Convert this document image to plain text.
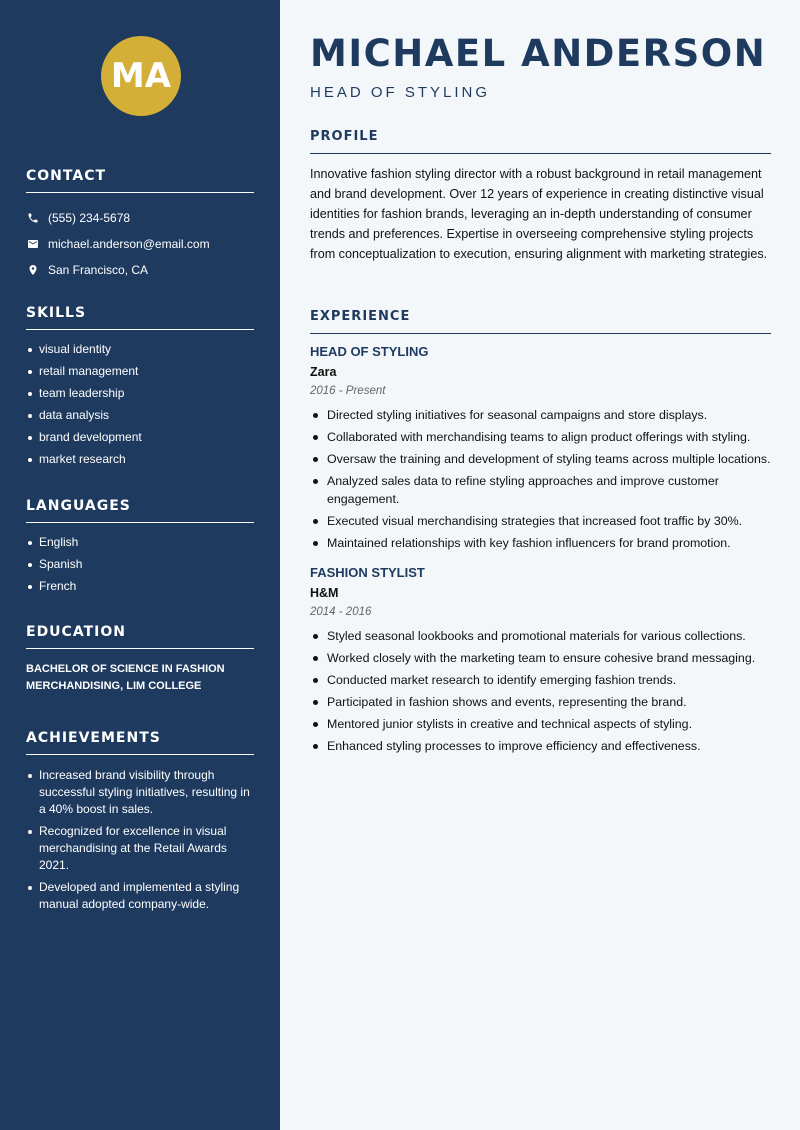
MA
CONTACT
(555) 234-5678
michael.anderson@email.com
San Francisco, CA
SKILLS
visual identity
retail management
team leadership
data analysis
brand development
market research
LANGUAGES
English
Spanish
French
EDUCATION
BACHELOR OF SCIENCE IN FASHION MERCHANDISING, LIM COLLEGE
ACHIEVEMENTS
Increased brand visibility through successful styling initiatives, resulting in a 40% boost in sales.
Recognized for excellence in visual merchandising at the Retail Awards 2021.
Developed and implemented a styling manual adopted company-wide.
MICHAEL ANDERSON
HEAD OF STYLING
PROFILE
Innovative fashion styling director with a robust background in retail management and brand development. Over 12 years of experience in creating distinctive visual identities for fashion brands, leveraging an in-depth understanding of consumer trends and preferences. Expertise in overseeing comprehensive styling projects from conceptualization to execution, ensuring alignment with marketing strategies.
EXPERIENCE
HEAD OF STYLING
Zara
2016 - Present
Directed styling initiatives for seasonal campaigns and store displays.
Collaborated with merchandising teams to align product offerings with styling.
Oversaw the training and development of styling teams across multiple locations.
Analyzed sales data to refine styling approaches and improve customer engagement.
Executed visual merchandising strategies that increased foot traffic by 30%.
Maintained relationships with key fashion influencers for brand promotion.
FASHION STYLIST
H&M
2014 - 2016
Styled seasonal lookbooks and promotional materials for various collections.
Worked closely with the marketing team to ensure cohesive brand messaging.
Conducted market research to identify emerging fashion trends.
Participated in fashion shows and events, representing the brand.
Mentored junior stylists in creative and technical aspects of styling.
Enhanced styling processes to improve efficiency and effectiveness.
